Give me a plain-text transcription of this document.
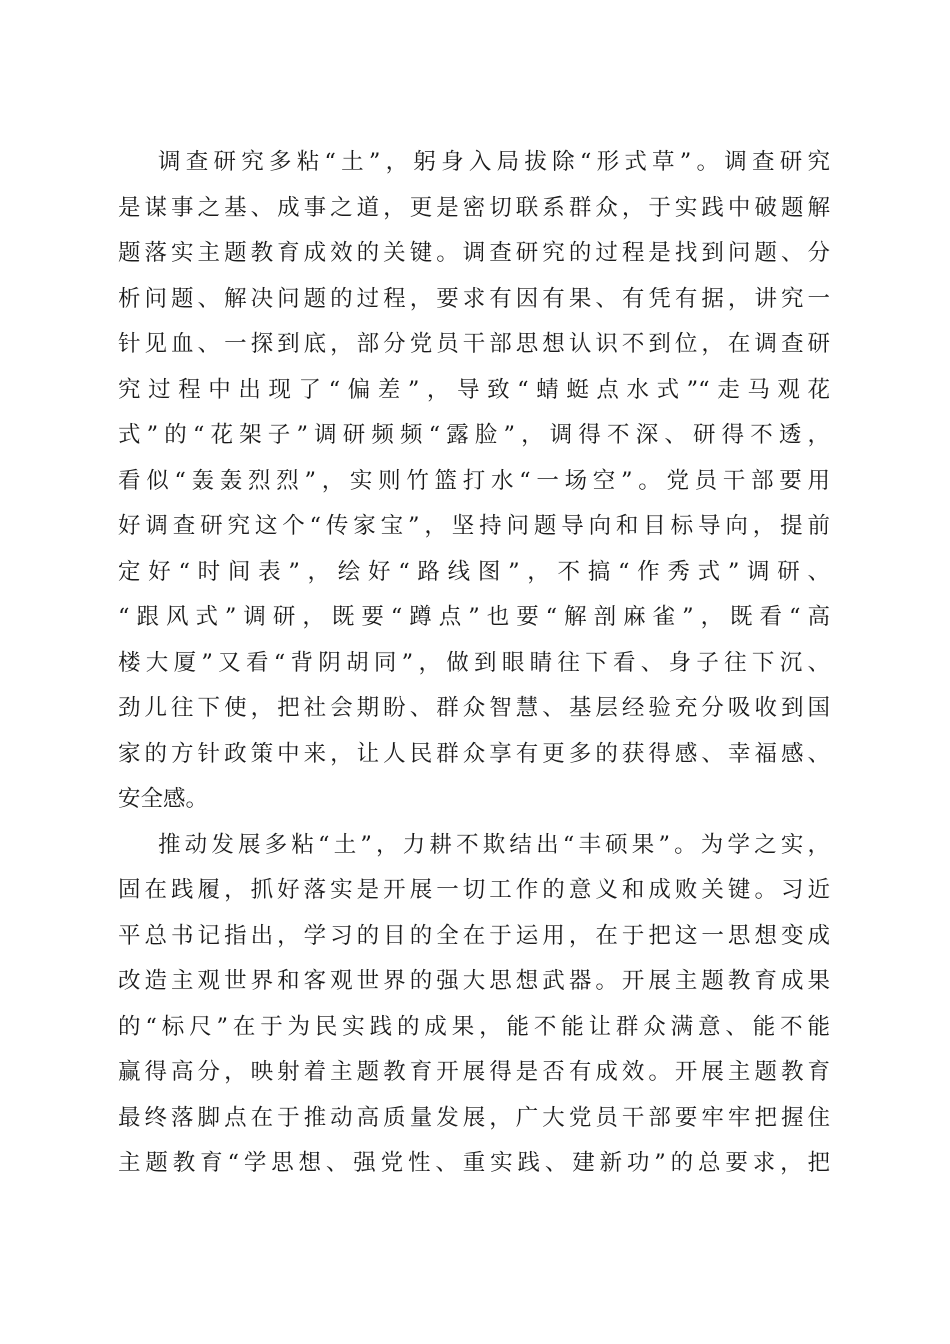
调查研究多粘“土”，躬身入局拔除“形式草”。调查研究
是谋事之基、成事之道，更是密切联系群众，于实践中破题解
题落实主题教育成效的关键。调查研究的过程是找到问题、分
析问题、解决问题的过程，要求有因有果、有凭有据，讲究一
针见血、一探到底，部分党员干部思想认识不到位，在调查研
究过程中出现了“偏差”，导致“蜻蜓点水式”“走马观花
式”的“花架子”调研频频“露脸”，调得不深、研得不透，
看似“轰轰烈烈”，实则竹篮打水“一场空”。党员干部要用
好调查研究这个“传家宝”，坚持问题导向和目标导向，提前
定好“时间表”，绘好“路线图”，不搞“作秀式”调研、
“跟风式”调研，既要“蹲点”也要“解剖麻雀”，既看“高
楼大厦”又看“背阴胡同”，做到眼睛往下看、身子往下沉、
劲儿往下使，把社会期盼、群众智慧、基层经验充分吸收到国
家的方针政策中来，让人民群众享有更多的获得感、幸福感、
安全感。
推动发展多粘“土”，力耕不欺结出“丰硕果”。为学之实，
固在践履，抓好落实是开展一切工作的意义和成败关键。习近
平总书记指出，学习的目的全在于运用，在于把这一思想变成
改造主观世界和客观世界的强大思想武器。开展主题教育成果
的“标尺”在于为民实践的成果，能不能让群众满意、能不能
赢得高分，映射着主题教育开展得是否有成效。开展主题教育
最终落脚点在于推动高质量发展，广大党员干部要牢牢把握住
主题教育“学思想、强党性、重实践、建新功”的总要求，把
